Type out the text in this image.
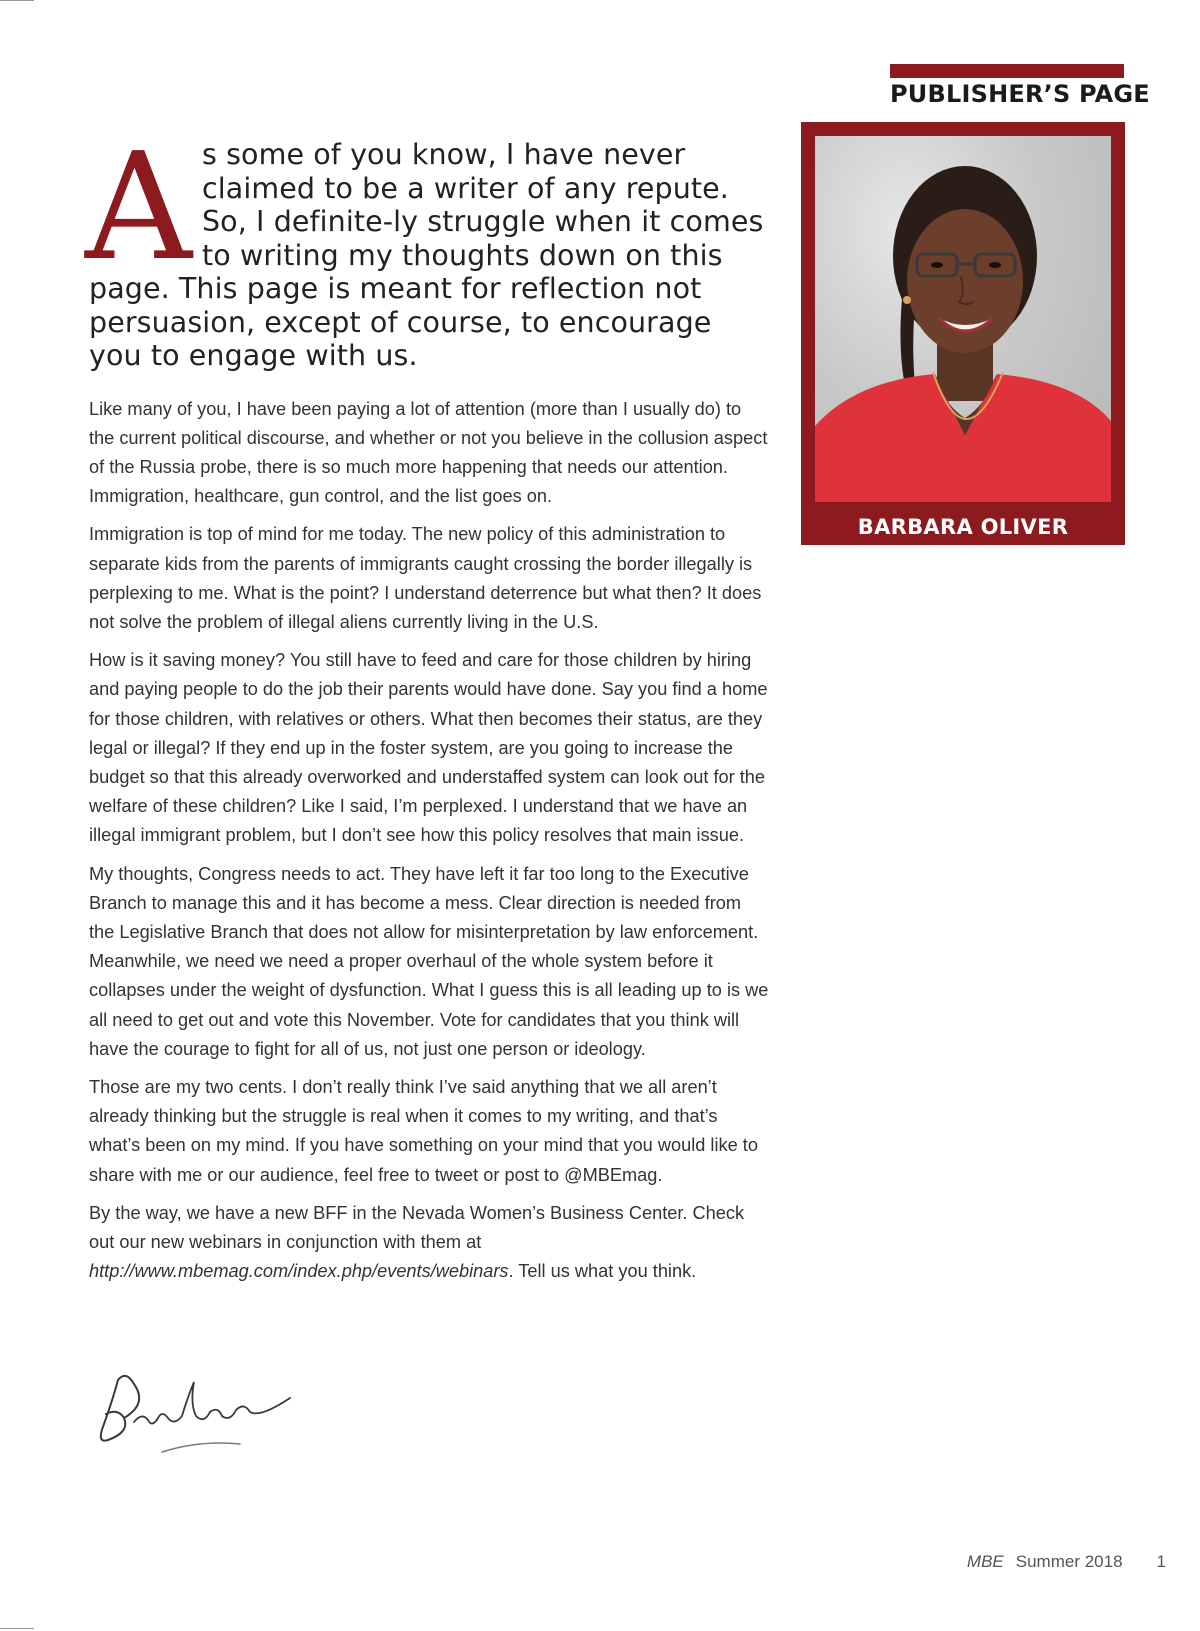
PUBLISHER’S PAGE
BARBARA OLIVER

As some of you know, I have never claimed to be a writer of any repute. So, I definite-ly struggle when it comes to writing my thoughts down on this page. This page is meant for reflection not persuasion, except of course, to encourage you to engage with us.

Like many of you, I have been paying a lot of attention (more than I usually do) to the current political discourse, and whether or not you believe in the collusion aspect of the Russia probe, there is so much more happening that needs our attention. Immigration, healthcare, gun control, and the list goes on.

Immigration is top of mind for me today. The new policy of this administration to separate kids from the parents of immigrants caught crossing the border illegally is perplexing to me. What is the point? I understand deterrence but what then? It does not solve the problem of illegal aliens currently living in the U.S.

How is it saving money? You still have to feed and care for those children by hiring and paying people to do the job their parents would have done. Say you find a home for those children, with relatives or others. What then becomes their status, are they legal or illegal? If they end up in the foster system, are you going to increase the budget so that this already overworked and understaffed system can look out for the welfare of these children? Like I said, I’m perplexed. I understand that we have an illegal immigrant problem, but I don’t see how this policy resolves that main issue.

My thoughts, Congress needs to act. They have left it far too long to the Executive Branch to manage this and it has become a mess. Clear direction is needed from the Legislative Branch that does not allow for misinterpretation by law enforcement. Meanwhile, we need we need a proper overhaul of the whole system before it collapses under the weight of dysfunction. What I guess this is all leading up to is we all need to get out and vote this November. Vote for candidates that you think will have the courage to fight for all of us, not just one person or ideology.

Those are my two cents. I don’t really think I’ve said anything that we all aren’t already thinking but the struggle is real when it comes to my writing, and that’s what’s been on my mind. If you have something on your mind that you would like to share with me or our audience, feel free to tweet or post to @MBEmag.

By the way, we have a new BFF in the Nevada Women’s Business Center. Check out our new webinars in conjunction with them at http://www.mbemag.com/index.php/events/webinars. Tell us what you think.

MBE Summer 2018 1
